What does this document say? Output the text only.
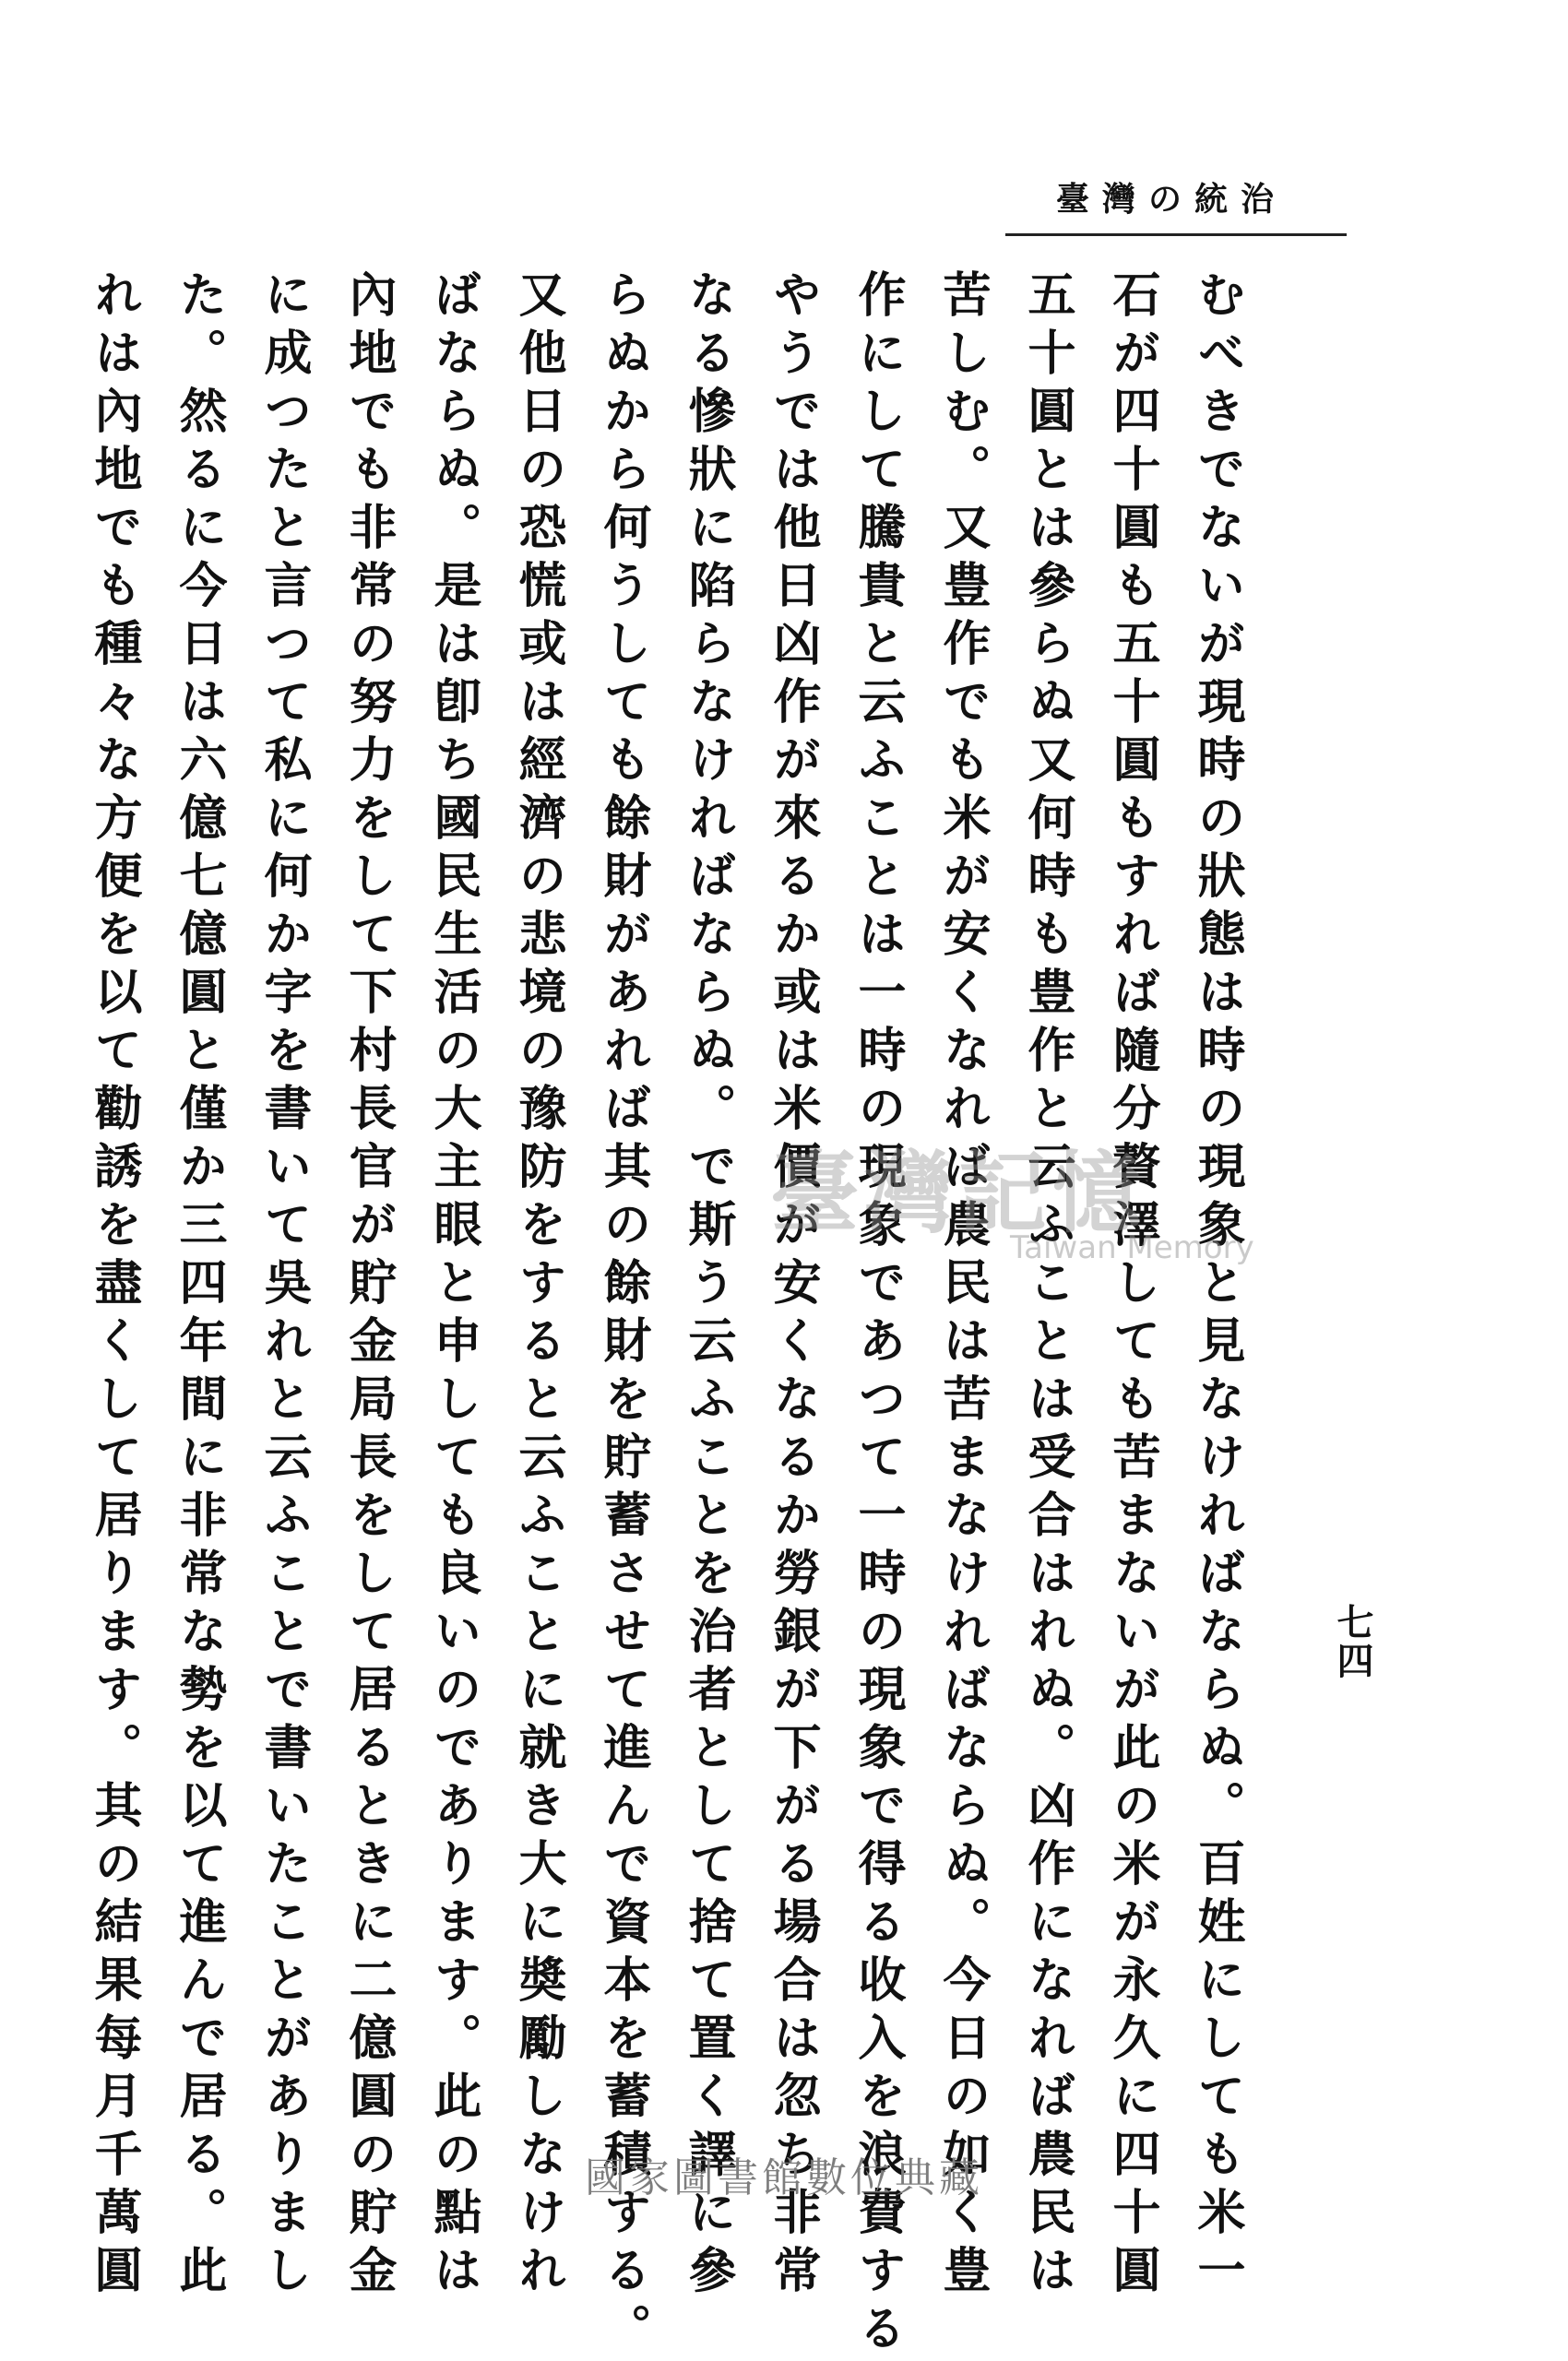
臺灣の統治
七四
むべきでないが現時の狀態は時の現象と見なければならぬ。百姓にしても米一
石が四十圓も五十圓もすれば隨分贅澤しても苦まないが此の米が永久に四十圓
五十圓とは參らぬ又何時も豊作と云ふことは受合はれぬ。凶作になれば農民は
苦しむ。又豊作でも米が安くなれば農民は苦まなければならぬ。今日の如く豊
作にして騰貴と云ふことは一時の現象であつて一時の現象で得る收入を浪費する
やうでは他日凶作が來るか或は米價が安くなるか勞銀が下がる場合は忽ち非常
なる慘狀に陷らなければならぬ。で斯う云ふことを治者として捨て置く譯に參
らぬから何うしても餘財があれば其の餘財を貯蓄させて進んで資本を蓄積する。
又他日の恐慌或は經濟の悲境の豫防をすると云ふことに就き大に奬勵しなけれ
ばならぬ。是は卽ち國民生活の大主眼と申しても良いのであります。此の點は
內地でも非常の努力をして下村長官が貯金局長をして居るときに二億圓の貯金
に成つたと言つて私に何か字を書いて吳れと云ふことで書いたことがありまし
た。然るに今日は六億七億圓と僅か三四年間に非常な勢を以て進んで居る。此
れは內地でも種々な方便を以て勸誘を盡くして居ります。其の結果每月千萬圓	臺灣記憶
Taiwan Memory
國家圖書館數位典藏
